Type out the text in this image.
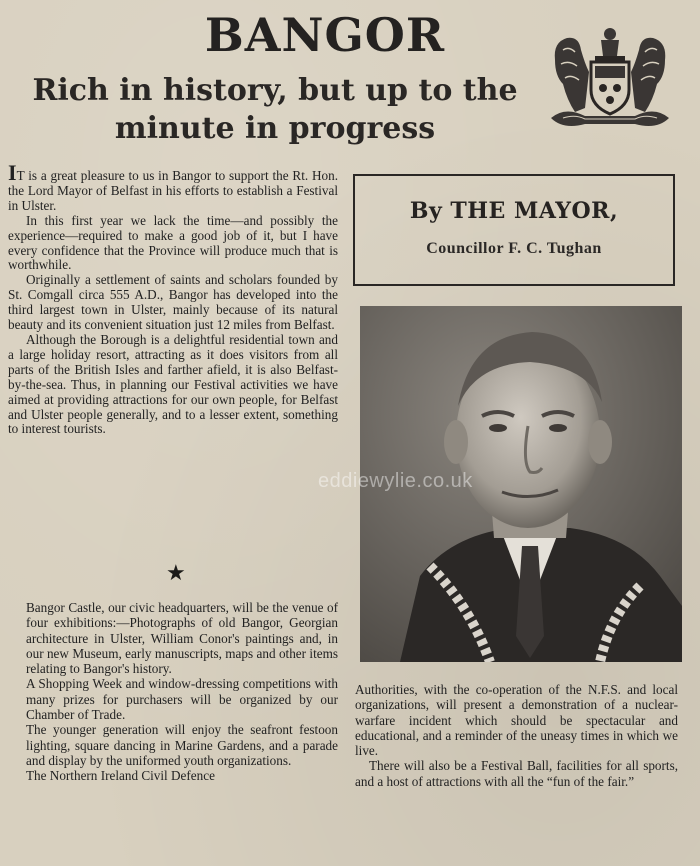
BANGOR
Rich in history, but up to the
minute in progress

IT is a great pleasure to us in Bangor to support the Rt. Hon. the Lord Mayor of Belfast in his efforts to establish a Festival in Ulster.

In this first year we lack the time—and possibly the experience—required to make a good job of it, but I have every confidence that the Province will produce much that is worthwhile.

Originally a settlement of saints and scholars founded by St. Comgall circa 555 A.D., Bangor has developed into the third largest town in Ulster, mainly because of its natural beauty and its convenient situation just 12 miles from Belfast.

Although the Borough is a delightful residential town and a large holiday resort, attracting as it does visitors from all parts of the British Isles and farther afield, it is also Belfast-by-the-sea. Thus, in planning our Festival activities we have aimed at providing attractions for our own people, for Belfast and Ulster people generally, and to a lesser extent, something to interest tourists.

★

Bangor Castle, our civic headquarters, will be the venue of four exhibitions:—Photographs of old Bangor, Georgian architecture in Ulster, William Conor's paintings and, in our new Museum, early manuscripts, maps and other items relating to Bangor's history.

A Shopping Week and window-dressing competitions with many prizes for purchasers will be organized by our Chamber of Trade.

The younger generation will enjoy the seafront festoon lighting, square dancing in Marine Gardens, and a parade and display by the uniformed youth organizations.

The Northern Ireland Civil Defence

By THE MAYOR,
Councillor F. C. Tughan
eddiewylie.co.uk

Authorities, with the co-operation of the N.F.S. and local organizations, will present a demonstration of a nuclear-warfare incident which should be spectacular and educational, and a reminder of the uneasy times in which we live.

There will also be a Festival Ball, facilities for all sports, and a host of attractions with all the “fun of the fair.”
